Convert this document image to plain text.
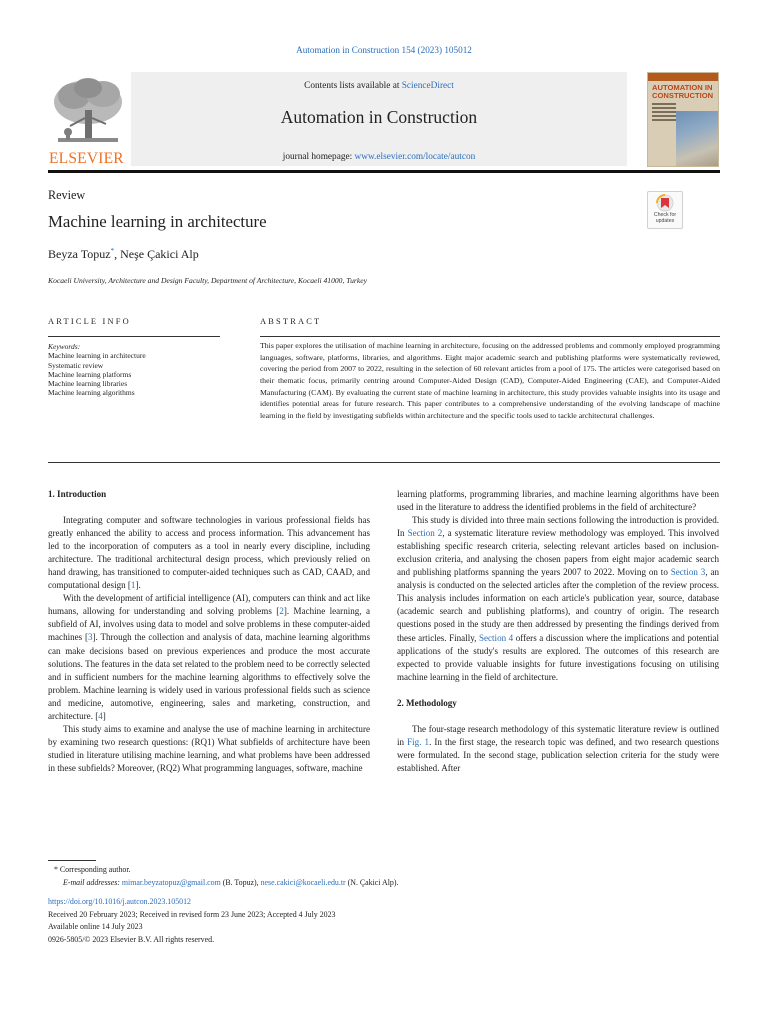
Automation in Construction 154 (2023) 105012
ELSEVIER
Contents lists available at ScienceDirect
Automation in Construction
journal homepage: www.elsevier.com/locate/autcon
AUTOMATION IN CONSTRUCTION
Review
Machine learning in architecture
Beyza Topuz*, Neşe Çakici Alp
Kocaeli University, Architecture and Design Faculty, Department of Architecture, Kocaeli 41000, Turkey
Check for updates
ARTICLE INFO	ABSTRACT
Keywords:
Machine learning in architecture
Systematic review
Machine learning platforms
Machine learning libraries
Machine learning algorithms
This paper explores the utilisation of machine learning in architecture, focusing on the addressed problems and commonly employed programming languages, software, platforms, libraries, and algorithms. Eight major academic search and publishing platforms were systematically reviewed, covering the period from 2007 to 2022, resulting in the selection of 60 relevant articles from a pool of 175. The articles were categorised based on their thematic focus, primarily centring around Computer-Aided Design (CAD), Computer-Aided Engineering (CAE), and Computer-Aided Manufacturing (CAM). By evaluating the current state of machine learning in architecture, this study provides valuable insights into its usage and identifies potential areas for future research. This paper contributes to a comprehensive understanding of the evolving landscape of machine learning in the field by investigating subfields within architecture and the specific tools used to tackle architectural challenges.
1. Introduction

Integrating computer and software technologies in various professional fields has greatly enhanced the ability to access and process information. This advancement has led to the incorporation of computers as a tool in nearly every discipline, including architecture. The traditional architectural design process, which previously relied on hand drawing, has transitioned to computer-aided techniques such as CAD, CAAD, and computational design [1].

With the development of artificial intelligence (AI), computers can think and act like humans, allowing for understanding and solving problems [2]. Machine learning, a subfield of AI, involves using data to model and solve problems in these computer-aided machines [3]. Through the collection and analysis of data, machine learning algorithms can make decisions based on previous experiences and produce the most accurate solutions. The features in the data set related to the problem need to be correctly selected and in sufficient numbers for the machine learning algorithms to effectively solve the problem. Machine learning is widely used in various professional fields such as science and medicine, automotive, engineering, sales and marketing, construction, and architecture. [4]

This study aims to examine and analyse the use of machine learning in architecture by examining two research questions: (RQ1) What subfields of architecture have been studied in literature utilising machine learning, and what problems have been addressed in these subfields? Moreover, (RQ2) What programming languages, software, machine

learning platforms, programming libraries, and machine learning algorithms have been used in the literature to address the identified problems in the field of architecture?

This study is divided into three main sections following the introduction is provided. In Section 2, a systematic literature review methodology was employed. This involved establishing specific research criteria, selecting relevant articles based on inclusion-exclusion criteria, and analysing the chosen papers from eight major academic search and publishing platforms spanning the years 2007 to 2022. Moving on to Section 3, an analysis is conducted on the selected articles after the completion of the review process. This analysis includes information on each article's publication year, source, database (academic search and publishing platforms), and country of origin. The research questions posed in the study are then addressed by presenting the findings derived from these articles. Finally, Section 4 offers a discussion where the implications and potential applications of the study's results are explored. The outcomes of this research are expected to provide valuable insights for future investigations focusing on utilising machine learning in the field of architecture.

2. Methodology

The four-stage research methodology of this systematic literature review is outlined in Fig. 1. In the first stage, the research topic was defined, and two research questions were formulated. In the second stage, publication selection criteria for the study were established. After

* Corresponding author.
E-mail addresses: mimar.beyzatopuz@gmail.com (B. Topuz), nese.cakici@kocaeli.edu.tr (N. Çakici Alp).
https://doi.org/10.1016/j.autcon.2023.105012
Received 20 February 2023; Received in revised form 23 June 2023; Accepted 4 July 2023
Available online 14 July 2023
0926-5805/© 2023 Elsevier B.V. All rights reserved.
